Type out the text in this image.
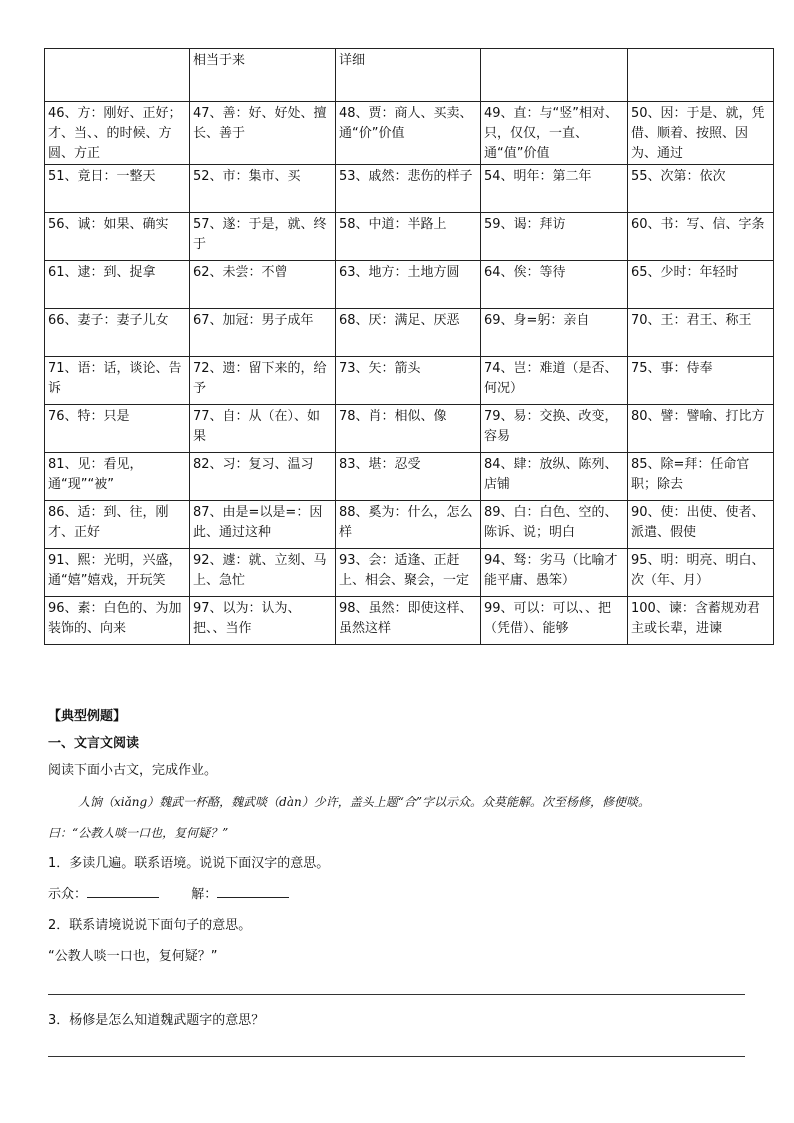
	相当于来	详细		
46、方：刚好、正好；才、当、、的时候、方圆、方正	47、善：好、好处、擅长、善于	48、贾：商人、买卖、通“价”价值	49、直：与“竖”相对、只，仅仅，一直、通“值”价值	50、因：于是、就，凭借、顺着、按照、因为、通过
51、竟日：一整天	52、市：集市、买	53、戚然：悲伤的样子	54、明年：第二年	55、次第：依次
56、诚：如果、确实	57、遂：于是，就、终于	58、中道：半路上	59、谒：拜访	60、书：写、信、字条
61、逮：到、捉拿	62、未尝：不曾	63、地方：土地方圆	64、俟：等待	65、少时：年轻时
66、妻子：妻子儿女	67、加冠：男子成年	68、厌：满足、厌恶	69、身=躬：亲自	70、王：君王、称王
71、语：话，谈论、告诉	72、遗：留下来的，给予	73、矢：箭头	74、岂：难道（是否、何况）	75、事：侍奉
76、特：只是	77、自：从（在）、如果	78、肖：相似、像	79、易：交换、改变，容易	80、譬：譬喻、打比方
81、见：看见，通“现”“被”	82、习：复习、温习	83、堪：忍受	84、肆：放纵、陈列、店铺	85、除=拜：任命官职；除去
86、适：到、往，刚才、正好	87、由是=以是=：因此、通过这种	88、奚为：什么，怎么样	89、白：白色、空的、陈诉、说；明白	90、使：出使、使者、派遣、假使
91、熙：光明，兴盛，通“嬉”嬉戏，开玩笑	92、遽：就、立刻、马上、急忙	93、会：适逢、正赶上、相会、聚会，一定	94、驽：劣马（比喻才能平庸、愚笨）	95、明：明亮、明白、次（年、月）
96、素：白色的、为加装饰的、向来	97、以为：认为、把、、当作	98、虽然：即使这样、虽然这样	99、可以：可以、、把（凭借）、能够	100、谏：含蓄规劝君主或长辈，进谏
【典型例题】
一、文言文阅读
阅读下面小古文，完成作业。
人饷（xiǎng）魏武一杯酪，魏武啖（dàn）少许，盖头上题“合”字以示众。众莫能解。次至杨修，修便啖。
曰：“公教人啖一口也，复何疑？”
1．多读几遍。联系语境。说说下面汉字的意思。
示众：	解：
2．联系请境说说下面句子的意思。
“公教人啖一口也，复何疑？”
3．杨修是怎么知道魏武题字的意思？
